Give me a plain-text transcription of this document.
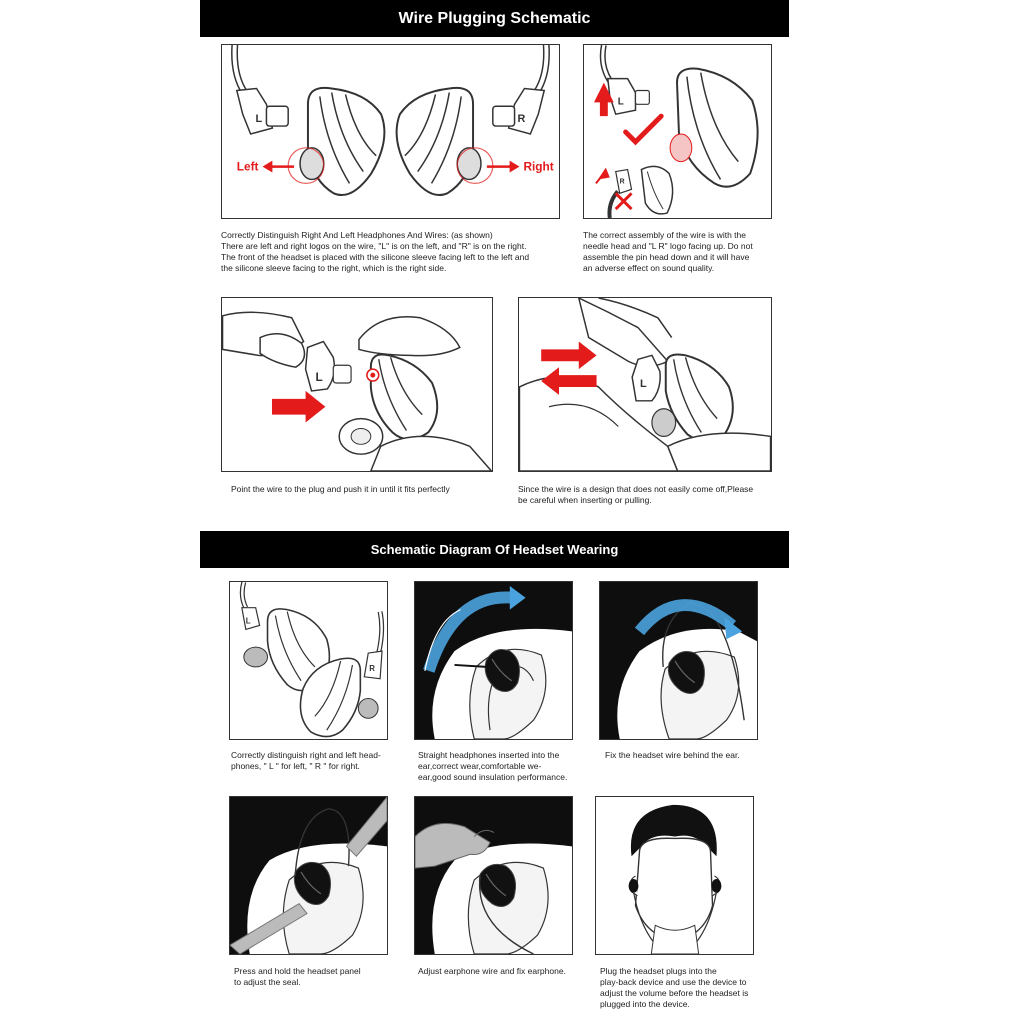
Wire Plugging Schematic
L
Left	Right
R
Correctly Distinguish Right And Left Headphones And Wires: (as shown)
There are left and right logos on the wire, "L" is on the left, and "R" is on the right.
The front of the headset is placed with the silicone sleeve facing left to the left and
the silicone sleeve facing to the right, which is the right side.
L
R
The correct assembly of the wire is with the
needle head and "L R" logo facing up. Do not
assemble the pin head down and it will have
an adverse effect on sound quality.
L
Point the wire to the plug and push it in until it fits perfectly
L
Since the wire is a design that does not easily come off,Please
be careful when inserting or pulling.
Schematic Diagram Of Headset Wearing
L
R
Correctly distinguish right and left head-
phones, " L " for left, " R " for right.
Straight headphones inserted into the
ear,correct wear,comfortable we-
ear,good sound insulation performance.
Fix the headset wire behind the ear.
Press and hold the headset panel
to adjust the seal.
Adjust earphone wire and fix earphone.	Plug the headset plugs into the
play-back device and use the device to
adjust the volume before the headset is
plugged into the device.
